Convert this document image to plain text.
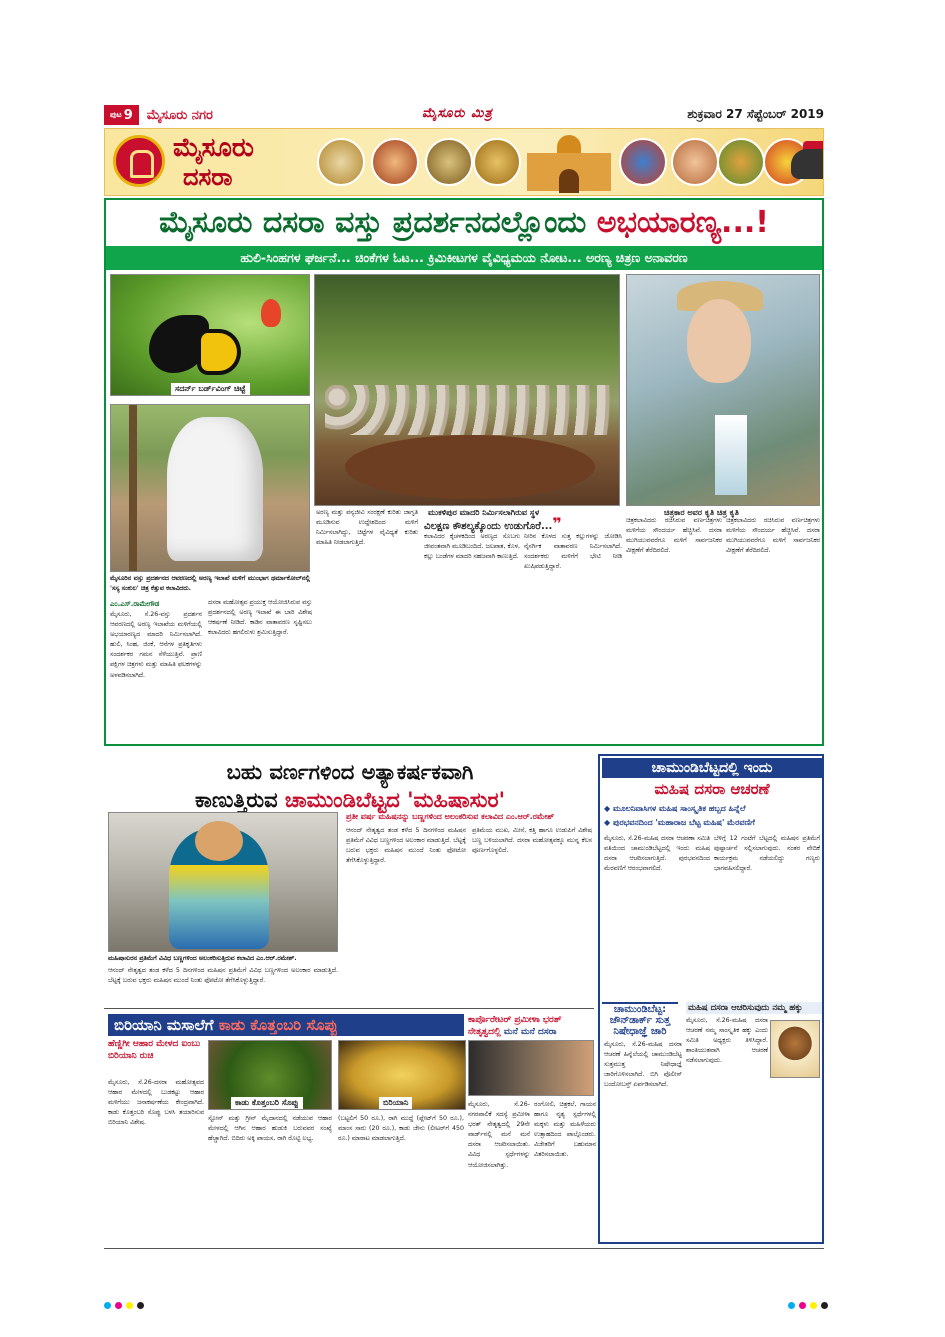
ಪುಟ 9 ಮೈಸೂರು ನಗರ	ಮೈಸೂರು ಮಿತ್ರ	ಶುಕ್ರವಾರ 27 ಸೆಪ್ಟೆಂಬರ್ 2019
ಮೈಸೂರು
ದಸರಾ
ಮೈಸೂರು ದಸರಾ ವಸ್ತು ಪ್ರದರ್ಶನದಲ್ಲೊಂದು ಅಭಯಾರಣ್ಯ...!
ಹುಲಿ-ಸಿಂಹಗಳ ಘರ್ಜನೆ... ಚಿಂಕೆಗಳ ಓಟ... ಕ್ರಿಮಿಕೀಟಗಳ ವೈವಿಧ್ಯಮಯ ನೋಟ... ಅರಣ್ಯ ಚಿತ್ರಣ ಅನಾವರಣ
ಸದರ್ನ್ ಬರ್ಡ್‌ವಿಂಗ್ ಚಿಟ್ಟೆ
ಮೈಸೂರಿನ ವಸ್ತು ಪ್ರದರ್ಶನದ ಆವರಣದಲ್ಲಿ ಅರಣ್ಯ ಇಲಾಖೆ ಮಳಿಗೆ ಮುಂಭಾಗ ಥರ್ಮಾಕೋಲ್‌ನಲ್ಲಿ 'ಸಸ್ಯ ಸಂಕುಲ' ಚಿತ್ರ ಕೆತ್ತುವ ಕಲಾವಿದರು.
ಮುಕಳಿಪುರ ಮಾದರಿ ನಿರ್ಮಿಸಲಾಗಿರುವ ಸ್ಥಳ	ಚಿತ್ರಕಾರ ಅವರ ಕೃತಿ ಚಿತ್ರ ಕೃತಿ
ಎಂ.ಎಸ್.ರಾಮೇಗೌಡ
ಮೈಸೂರು, ಸೆ.26-ವಸ್ತು ಪ್ರದರ್ಶನ ಆವರಣದಲ್ಲಿ ಅರಣ್ಯ ಇಲಾಖೆಯ ಮಳಿಗೆಯಲ್ಲಿ ಅಭಯಾರಣ್ಯದ ಮಾದರಿ ನಿರ್ಮಿಸಲಾಗಿದೆ. ಹುಲಿ, ಸಿಂಹ, ಜಿಂಕೆ, ಆನೆಗಳ ಪ್ರತಿಕೃತಿಗಳು ಸಂದರ್ಶಕರ ಗಮನ ಸೆಳೆಯುತ್ತಿವೆ. ಪ್ರಾಣಿ ಪಕ್ಷಿಗಳ ಚಿತ್ರಗಳು ಮತ್ತು ಮಾಹಿತಿ ಫಲಕಗಳನ್ನು ಅಳವಡಿಸಲಾಗಿದೆ.
ದಸರಾ ಮಹೋತ್ಸವ ಪ್ರಯುಕ್ತ ಆಯೋಜಿಸಿರುವ ವಸ್ತು ಪ್ರದರ್ಶನದಲ್ಲಿ ಅರಣ್ಯ ಇಲಾಖೆ ಈ ಬಾರಿ ವಿಶೇಷ ಆಕರ್ಷಣೆ ನೀಡಿದೆ. ಕಾಡಿನ ವಾತಾವರಣ ಸೃಷ್ಟಿಸಲು ಕಲಾವಿದರು ಹಗಲಿರುಳು ಶ್ರಮಿಸುತ್ತಿದ್ದಾರೆ.
ಅರಣ್ಯ ಮತ್ತು ವನ್ಯಜೀವಿ ಸಂರಕ್ಷಣೆ ಕುರಿತು ಜಾಗೃತಿ ಮೂಡಿಸುವ ಉದ್ದೇಶದಿಂದ ಮಳಿಗೆ ನಿರ್ಮಿಸಲಾಗಿದ್ದು, ಚಿಟ್ಟೆಗಳ ವೈವಿಧ್ಯತೆ ಕುರಿತು ಮಾಹಿತಿ ನೀಡಲಾಗುತ್ತಿದೆ.
ವಿಲಕ್ಷಣ ಕೌಶಲ್ಯಕ್ಕೊಂದು ಉಡುಗೊರೆ...❞
ಕಲಾವಿದರ ಕೈಚಳಕದಿಂದ ಅರಣ್ಯದ ಸೊಬಗು ಜೀವಂತವಾಗಿ ಮೂಡಿಬಂದಿದೆ. ಜಲಪಾತ, ಕೊಳ, ಕಲ್ಲು ಬಂಡೆಗಳ ಮಾದರಿ ಸಹಜವಾಗಿ ಕಾಣುತ್ತಿದೆ.
ನೀರಿನ ಕೊಳದ ಸುತ್ತ ಕಲ್ಲುಗಳನ್ನು ಜೋಡಿಸಿ ನೈಸರ್ಗಿಕ ವಾತಾವರಣ ನಿರ್ಮಿಸಲಾಗಿದೆ. ಸಂದರ್ಶಕರು ಮಳಿಗೆಗೆ ಭೇಟಿ ನೀಡಿ ಖುಷಿಪಡುತ್ತಿದ್ದಾರೆ.
ಚಿತ್ರಕಲಾವಿದರು ರಚಿಸಿರುವ ವರ್ಣಚಿತ್ರಗಳು ಮಳಿಗೆಯ ಸೌಂದರ್ಯ ಹೆಚ್ಚಿಸಿವೆ. ದಸರಾ ಮುಗಿಯುವವರೆಗೂ ಮಳಿಗೆ ಸಾರ್ವಜನಿಕರ ವೀಕ್ಷಣೆಗೆ ತೆರೆದಿರಲಿದೆ.
ಚಿತ್ರಕಲಾವಿದರು ರಚಿಸಿರುವ ವರ್ಣಚಿತ್ರಗಳು ಮಳಿಗೆಯ ಸೌಂದರ್ಯ ಹೆಚ್ಚಿಸಿವೆ. ದಸರಾ ಮುಗಿಯುವವರೆಗೂ ಮಳಿಗೆ ಸಾರ್ವಜನಿಕರ ವೀಕ್ಷಣೆಗೆ ತೆರೆದಿರಲಿದೆ.
ಬಹು ವರ್ಣಗಳಿಂದ ಅತ್ಯಾಕರ್ಷಕವಾಗಿ
ಕಾಣುತ್ತಿರುವ ಚಾಮುಂಡಿಬೆಟ್ಟದ 'ಮಹಿಷಾಸುರ'
ಮಹಿಷಾಸುರನ ಪ್ರತಿಮೆಗೆ ವಿವಿಧ ಬಣ್ಣಗಳಿಂದ ಅಲಂಕರಿಸುತ್ತಿರುವ ಕಲಾವಿದ ಎಂ.ಆರ್.ರಮೇಶ್.
ಪ್ರತೀ ವರ್ಷ ಮಹಿಷನನ್ನು ಬಣ್ಣಗಳಿಂದ ಅಲಂಕರಿಸುವ ಕಲಾವಿದ ಎಂ.ಆರ್.ರಮೇಶ್
ಆನಂದ್ ನೇತೃತ್ವದ ತಂಡ ಕಳೆದ 5 ದಿನಗಳಿಂದ ಮಹಿಷನ ಪ್ರತಿಮೆಗೆ ವಿವಿಧ ಬಣ್ಣಗಳಿಂದ ಅಲಂಕಾರ ಮಾಡುತ್ತಿದೆ. ಬೆಟ್ಟಕ್ಕೆ ಬರುವ ಭಕ್ತರು ಮಹಿಷನ ಮುಂದೆ ನಿಂತು ಫೋಟೋ ತೆಗೆಸಿಕೊಳ್ಳುತ್ತಿದ್ದಾರೆ.
ಪ್ರತಿಮೆಯ ಮುಖ, ಮೀಸೆ, ಕತ್ತಿ ಹಾಗೂ ಉಡುಪಿಗೆ ವಿಶೇಷ ಬಣ್ಣ ಬಳಿಯಲಾಗಿದೆ. ದಸರಾ ಮಹೋತ್ಸವಕ್ಕೂ ಮುನ್ನ ಕೆಲಸ ಪೂರ್ಣಗೊಳ್ಳಲಿದೆ.
ಆನಂದ್ ನೇತೃತ್ವದ ತಂಡ ಕಳೆದ 5 ದಿನಗಳಿಂದ ಮಹಿಷನ ಪ್ರತಿಮೆಗೆ ವಿವಿಧ ಬಣ್ಣಗಳಿಂದ ಅಲಂಕಾರ ಮಾಡುತ್ತಿದೆ. ಬೆಟ್ಟಕ್ಕೆ ಬರುವ ಭಕ್ತರು ಮಹಿಷನ ಮುಂದೆ ನಿಂತು ಫೋಟೋ ತೆಗೆಸಿಕೊಳ್ಳುತ್ತಿದ್ದಾರೆ.
ಚಾಮುಂಡಿಬೆಟ್ಟದಲ್ಲಿ ಇಂದು
ಮಹಿಷ ದಸರಾ ಆಚರಣೆ
◆ ಮೂಲನಿವಾಸಿಗಳ ಮಹಿಷ ಸಾಂಸ್ಕೃತಿಕ ಹಬ್ಬದ ಹಿನ್ನೆಲೆ
◆ ಪುರಭವನದಿಂದ 'ಮಹಾರಾಜ ಬೆಟ್ಟ ಮಹಿಷ' ಮೆರವಣಿಗೆ
ಮೈಸೂರು, ಸೆ.26-ಮಹಿಷ ದಸರಾ ಆಚರಣಾ ಸಮಿತಿ ವತಿಯಿಂದ ಚಾಮುಂಡಿಬೆಟ್ಟದಲ್ಲಿ ಇಂದು ಮಹಿಷ ದಸರಾ ಆಚರಿಸಲಾಗುತ್ತಿದೆ. ಪುರಭವನದಿಂದ ಮೆರವಣಿಗೆ ಆರಂಭವಾಗಲಿದೆ.
ಬೆಳಿಗ್ಗೆ 12 ಗಂಟೆಗೆ ಬೆಟ್ಟದಲ್ಲಿ ಮಹಿಷನ ಪ್ರತಿಮೆಗೆ ಪುಷ್ಪಾರ್ಚನೆ ಸಲ್ಲಿಸಲಾಗುವುದು. ನಂತರ ವೇದಿಕೆ ಕಾರ್ಯಕ್ರಮ ನಡೆಯಲಿದ್ದು ಗಣ್ಯರು ಭಾಗವಹಿಸಲಿದ್ದಾರೆ.
ಚಾಮುಂಡಿಬೆಟ್ಟ: ಜೌನ್‌ಡಾರ್ಕ್ ಸುತ್ತ ನಿಷೇಧಾಜ್ಞೆ ಜಾರಿ
ಮೈಸೂರು, ಸೆ.26-ಮಹಿಷ ದಸರಾ ಆಚರಣೆ ಹಿನ್ನೆಲೆಯಲ್ಲಿ ಚಾಮುಂಡಿಬೆಟ್ಟ ಸುತ್ತಮುತ್ತ ನಿಷೇಧಾಜ್ಞೆ ಜಾರಿಗೊಳಿಸಲಾಗಿದೆ. ಬಿಗಿ ಪೊಲೀಸ್ ಬಂದೋಬಸ್ತ್ ಏರ್ಪಡಿಸಲಾಗಿದೆ.
ಮಹಿಷ ದಸರಾ ಆಚರಿಸುವುದು ನಮ್ಮ ಹಕ್ಕು
ಮೈಸೂರು, ಸೆ.26-ಮಹಿಷ ದಸರಾ ಆಚರಣೆ ನಮ್ಮ ಸಾಂಸ್ಕೃತಿಕ ಹಕ್ಕು ಎಂದು ಸಮಿತಿ ಅಧ್ಯಕ್ಷರು ತಿಳಿಸಿದ್ದಾರೆ. ಶಾಂತಿಯುತವಾಗಿ ಆಚರಣೆ ನಡೆಸಲಾಗುವುದು.
ಬಿರಿಯಾನಿ ಮಸಾಲೆಗೆ ಕಾಡು ಕೊತ್ತಂಬರಿ ಸೊಪ್ಪು
ಹೆಣ್ಣಿಗೀ ಆಹಾರ ಮೇಳದ ಐಂಬು ಬಿರಿಯಾನಿ ರುಚಿ
ಕಾಡು ಕೊತ್ತಂಬರಿ ಸೊಪ್ಪು	ಬಿರಿಯಾನಿ
ಮೈಸೂರು, ಸೆ.26-ದಸರಾ ಮಹೋತ್ಸವದ ಆಹಾರ ಮೇಳದಲ್ಲಿ ಬುಡಕಟ್ಟು ಆಹಾರ ಮಳಿಗೆಯು ಜನಾಕರ್ಷಣೆಯ ಕೇಂದ್ರವಾಗಿದೆ. ಕಾಡು ಕೊತ್ತಂಬರಿ ಸೊಪ್ಪು ಬಳಸಿ ತಯಾರಿಸುವ ಬಿರಿಯಾನಿ ವಿಶೇಷ.
ಸ್ಟೋನ್ ಮತ್ತು ಗ್ರೀನ್ ಮೈದಾನದಲ್ಲಿ ನಡೆಯುವ ಆಹಾರ ಮೇಳದಲ್ಲಿ ಆಗಿನ ಆಹಾರ ಹುಡುಕಿ ಬರುವವರ ಸಂಖ್ಯೆ ಹೆಚ್ಚಾಗಿದೆ. ಬಿದಿರು ಅಕ್ಕಿ ಪಾಯಸ, ರಾಗಿ ರೊಟ್ಟಿ ಲಭ್ಯ.
(ಬಟ್ಟಲಿಗೆ 50 ರೂ.), ರಾಗಿ ಮುದ್ದೆ (ಪ್ಲೇಟ್‌ಗೆ 50 ರೂ.), ಮಾಂಸ ಸಾರು (20 ರೂ.), ಕಾಡು ಜೇನು (ಲೀಟರ್‌ಗೆ 450 ರೂ.) ಮಾರಾಟ ಮಾಡಲಾಗುತ್ತಿದೆ.
ಕಾರ್ಪೊರೇಟರ್ ಪ್ರಮೀಳಾ ಭರತ್
ನೇತೃತ್ವದಲ್ಲಿ ಮನೆ ಮನೆ ದಸರಾ
ಮೈಸೂರು, ಸೆ.26-ನಗರಪಾಲಿಕೆ ಸದಸ್ಯೆ ಪ್ರಮೀಳಾ ಭರತ್ ನೇತೃತ್ವದಲ್ಲಿ 29ನೇ ವಾರ್ಡ್‌ನಲ್ಲಿ ಮನೆ ಮನೆ ದಸರಾ ಆಚರಿಸಲಾಯಿತು. ವಿವಿಧ ಸ್ಪರ್ಧೆಗಳನ್ನು ಆಯೋಜಿಸಲಾಗಿತ್ತು.
ರಂಗೋಲಿ, ಚಿತ್ರಕಲೆ, ಗಾಯನ ಹಾಗೂ ನೃತ್ಯ ಸ್ಪರ್ಧೆಗಳಲ್ಲಿ ಮಕ್ಕಳು ಮತ್ತು ಮಹಿಳೆಯರು ಉತ್ಸಾಹದಿಂದ ಪಾಲ್ಗೊಂಡರು. ವಿಜೇತರಿಗೆ ಬಹುಮಾನ ವಿತರಿಸಲಾಯಿತು.
